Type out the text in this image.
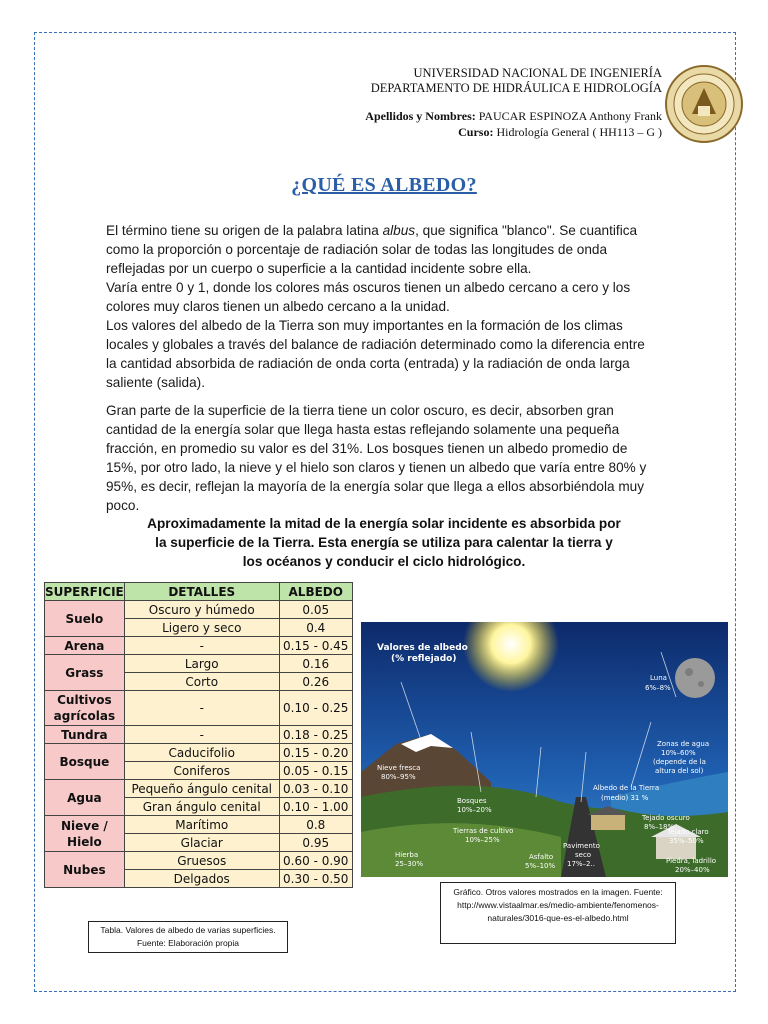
UNIVERSIDAD NACIONAL DE INGENIERÍA
DEPARTAMENTO DE HIDRÁULICA E HIDROLOGÍA
Apellidos y Nombres: PAUCAR ESPINOZA Anthony Frank
Curso: Hidrología General ( HH113 – G )
¿QUÉ ES ALBEDO?

El término tiene su origen de la palabra latina albus, que significa "blanco". Se cuantifica como la proporción o porcentaje de radiación solar de todas las longitudes de onda reflejadas por un cuerpo o superficie a la cantidad incidente sobre ella.

Varía entre 0 y 1, donde los colores más oscuros tienen un albedo cercano a cero y los colores muy claros tienen un albedo cercano a la unidad.

Los valores del albedo de la Tierra son muy importantes en la formación de los climas locales y globales a través del balance de radiación determinado como la diferencia entre la cantidad absorbida de radiación de onda corta (entrada) y la radiación de onda larga saliente (salida).

Gran parte de la superficie de la tierra tiene un color oscuro, es decir, absorben gran cantidad de la energía solar que llega hasta estas reflejando solamente una pequeña fracción, en promedio su valor es del 31%. Los bosques tienen un albedo promedio de 15%, por otro lado, la nieve y el hielo son claros y tienen un albedo que varía entre 80% y 95%, es decir, reflejan la mayoría de la energía solar que llega a ellos absorbiéndola muy poco.
Aproximadamente la mitad de la energía solar incidente es absorbida por la superficie de la Tierra. Esta energía se utiliza para calentar la tierra y los océanos y conducir el ciclo hidrológico.
SUPERFICIE	DETALLES	ALBEDO
Suelo	Oscuro y húmedo	0.05
	Ligero y seco	0.4
Arena	-	0.15 - 0.45
Grass	Largo	0.16
	Corto	0.26
Cultivos agrícolas	-	0.10 - 0.25
Tundra	-	0.18 - 0.25
Bosque	Caducifolio	0.15 - 0.20
	Coniferos	0.05 - 0.15
Agua	Pequeño ángulo cenital	0.03 - 0.10
	Gran ángulo cenital	0.10 - 1.00
Nieve / Hielo	Marítimo	0.8
	Glaciar	0.95
Nubes	Gruesos	0.60 - 0.90
	Delgados	0.30 - 0.50
Tabla. Valores de albedo de varias superficies. Fuente: Elaboración propia
Valores de albedo
(% reflejado)
Luna
6%–8%
Nieve fresca
80%–95%
Zonas de agua
10%–60%
(depende de la
altura del sol)
Albedo de la Tierra
(medio) 31 %
Tejado oscuro
8%–18%
Bosques
10%–20%
Tierras de cultivo
10%–25%
Tejado claro
35%–50%
Hierba
25–30%
Asfalto
5%–10%
Pavimento
seco
17%–2..	Piedra, ladrillo
20%–40%
Gráfico. Otros valores mostrados en la imagen. Fuente: http://www.vistaalmar.es/medio-ambiente/fenomenos-naturales/3016-que-es-el-albedo.html
